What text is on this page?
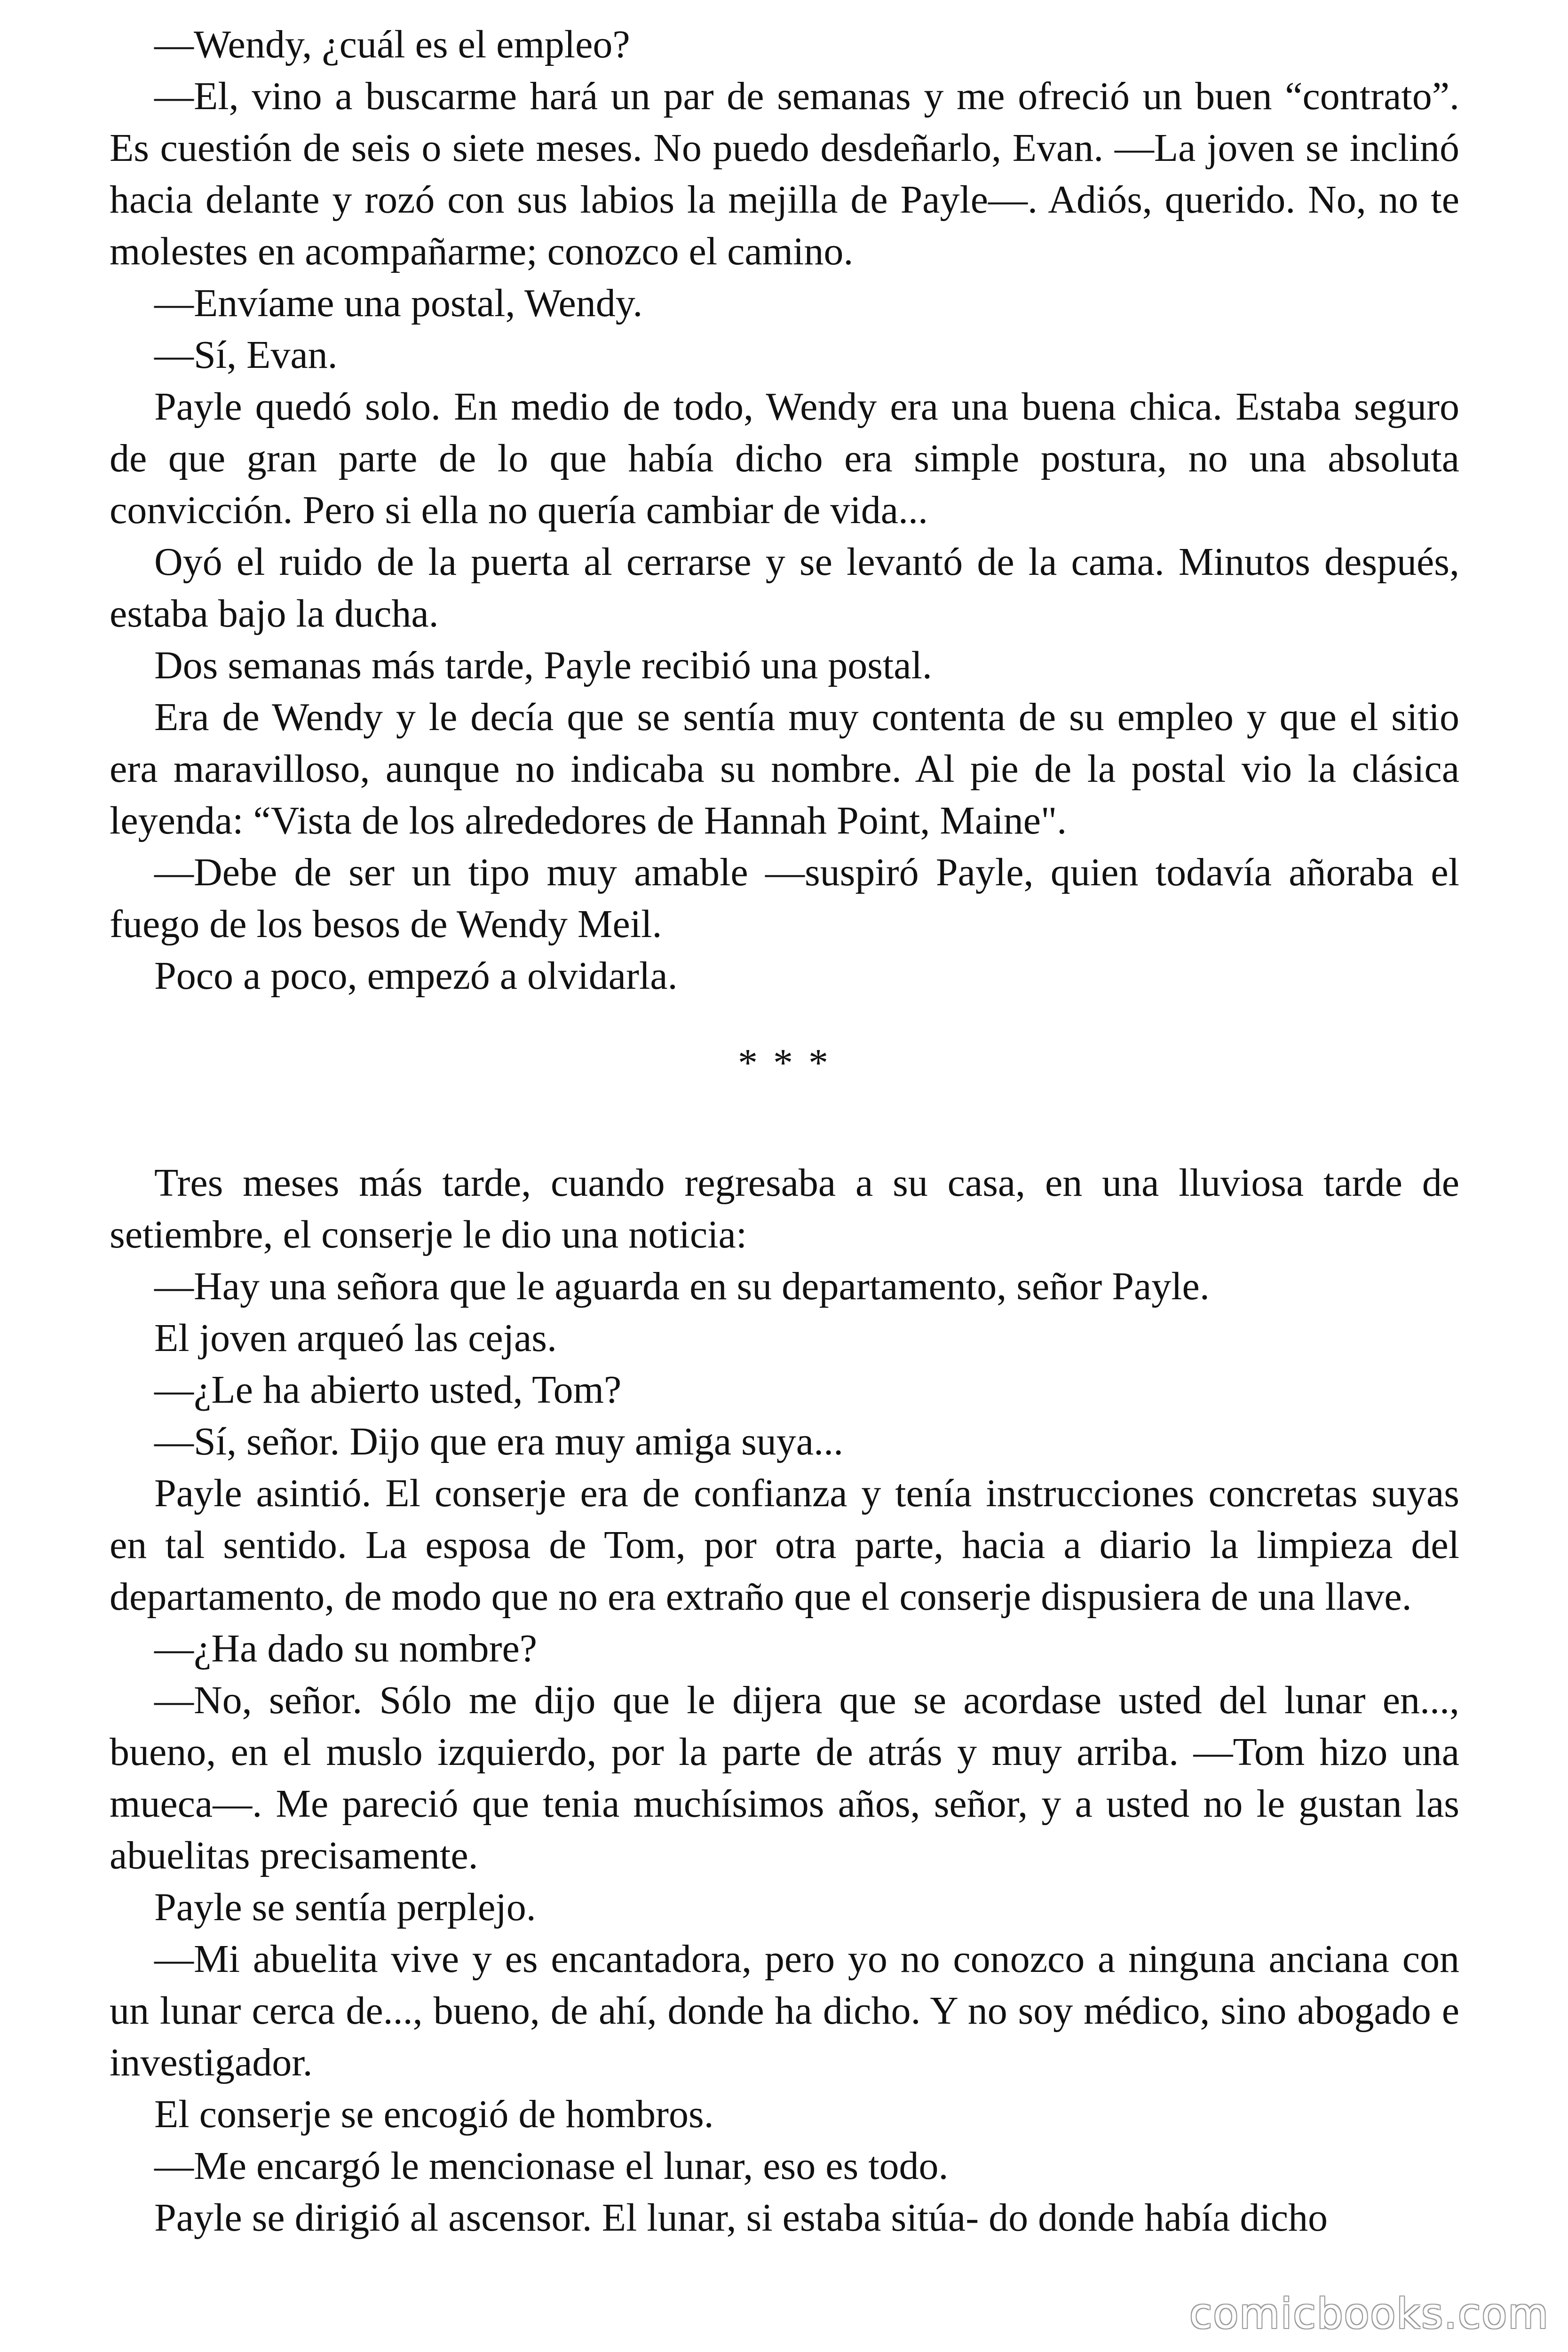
—Wendy, ¿cuál es el empleo?

—El, vino a buscarme hará un par de semanas y me ofreció un buen “contrato”. Es cuestión de seis o siete meses. No puedo desdeñarlo, Evan. —La joven se inclinó hacia delante y rozó con sus labios la mejilla de Payle—. Adiós, querido. No, no te molestes en acompañarme; conozco el camino.

—Envíame una postal, Wendy.

—Sí, Evan.

Payle quedó solo. En medio de todo, Wendy era una buena chica. Estaba seguro de que gran parte de lo que había dicho era simple postura, no una absoluta convicción. Pero si ella no quería cambiar de vida...

Oyó el ruido de la puerta al cerrarse y se levantó de la cama. Minutos después, estaba bajo la ducha.

Dos semanas más tarde, Payle recibió una postal.

Era de Wendy y le decía que se sentía muy contenta de su empleo y que el sitio era maravilloso, aunque no indicaba su nombre. Al pie de la postal vio la clásica leyenda: “Vista de los alrededores de Hannah Point, Maine".

—Debe de ser un tipo muy amable —suspiró Payle, quien todavía añoraba el fuego de los besos de Wendy Meil.

Poco a poco, empezó a olvidarla.

* * *

Tres meses más tarde, cuando regresaba a su casa, en una lluviosa tarde de setiembre, el conserje le dio una noticia:

—Hay una señora que le aguarda en su departamento, señor Payle.

El joven arqueó las cejas.

—¿Le ha abierto usted, Tom?

—Sí, señor. Dijo que era muy amiga suya...

Payle asintió. El conserje era de confianza y tenía instrucciones concretas suyas en tal sentido. La esposa de Tom, por otra parte, hacia a diario la limpieza del departamento, de modo que no era extraño que el conserje dispusiera de una llave.

—¿Ha dado su nombre?

—No, señor. Sólo me dijo que le dijera que se acordase usted del lunar en..., bueno, en el muslo izquierdo, por la parte de atrás y muy arriba. —Tom hizo una mueca—. Me pareció que tenia muchísimos años, señor, y a usted no le gustan las abuelitas precisamente.

Payle se sentía perplejo.

—Mi abuelita vive y es encantadora, pero yo no conozco a ninguna anciana con un lunar cerca de..., bueno, de ahí, donde ha dicho. Y no soy médico, sino abogado e investigador.

El conserje se encogió de hombros.

—Me encargó le mencionase el lunar, eso es todo.

Payle se dirigió al ascensor. El lunar, si estaba sitúa- do donde había dicho

comicbooks.com
